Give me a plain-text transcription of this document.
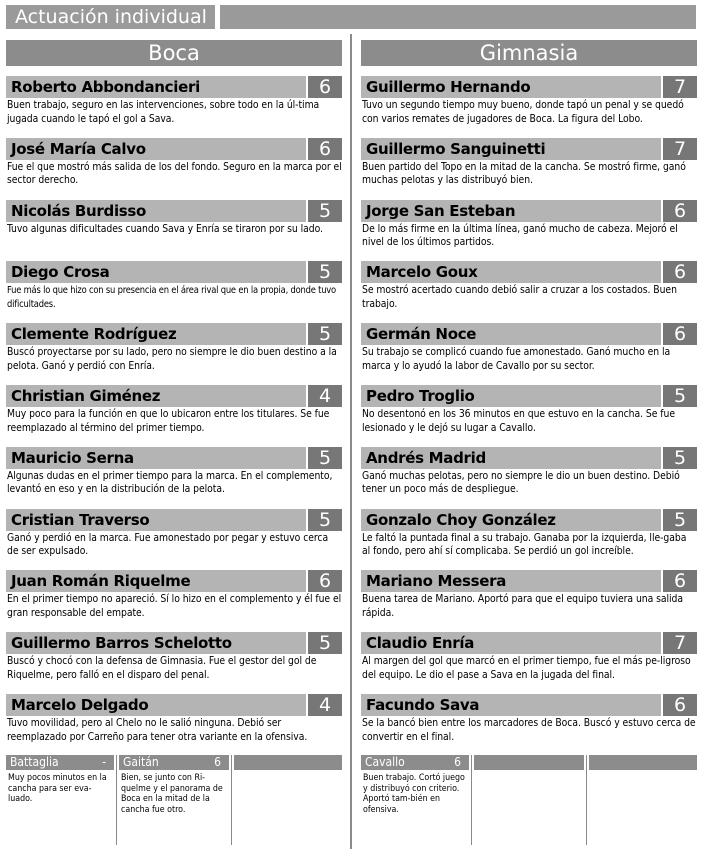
Actuación individual
Boca
Roberto Abbondancieri	6
Buen trabajo, seguro en las intervenciones, sobre todo en la úl-tima jugada cuando le tapó el gol a Sava.
José María Calvo	6
Fue el que mostró más salida de los del fondo. Seguro en la marca por el sector derecho.
Nicolás Burdisso	5
Tuvo algunas dificultades cuando Sava y Enría se tiraron por su lado.
Diego Crosa	5
Fue más lo que hizo con su presencia en el área rival que en la propia, donde tuvo dificultades.
Clemente Rodríguez	5
Buscó proyectarse por su lado, pero no siempre le dio buen destino a la pelota. Ganó y perdió con Enría.
Christian Giménez	4
Muy poco para la función en que lo ubicaron entre los titulares. Se fue reemplazado al término del primer tiempo.
Mauricio Serna	5
Algunas dudas en el primer tiempo para la marca. En el complemento, levantó en eso y en la distribución de la pelota.
Cristian Traverso	5
Ganó y perdió en la marca. Fue amonestado por pegar y estuvo cerca de ser expulsado.
Juan Román Riquelme	6
En el primer tiempo no apareció. Sí lo hizo en el complemento y él fue el gran responsable del empate.
Guillermo Barros Schelotto	5
Buscó y chocó con la defensa de Gimnasia. Fue el gestor del gol de Riquelme, pero falló en el disparo del penal.
Marcelo Delgado	4
Tuvo movilidad, pero al Chelo no le salió ninguna. Debió ser reemplazado por Carreño para tener otra variante en la ofensiva.
Gimnasia
Guillermo Hernando	7
Tuvo un segundo tiempo muy bueno, donde tapó un penal y se quedó con varios remates de jugadores de Boca. La figura del Lobo.
Guillermo Sanguinetti	7
Buen partido del Topo en la mitad de la cancha. Se mostró firme, ganó muchas pelotas y las distribuyó bien.
Jorge San Esteban	6
De lo más firme en la última línea, ganó mucho de cabeza. Mejoró el nivel de los últimos partidos.
Marcelo Goux	6
Se mostró acertado cuando debió salir a cruzar a los costados. Buen trabajo.
Germán Noce	6
Su trabajo se complicó cuando fue amonestado. Ganó mucho en la marca y lo ayudó la labor de Cavallo por su sector.
Pedro Troglio	5
No desentonó en los 36 minutos en que estuvo en la cancha. Se fue lesionado y le dejó su lugar a Cavallo.
Andrés Madrid	5
Ganó muchas pelotas, pero no siempre le dio un buen destino. Debió tener un poco más de despliegue.
Gonzalo Choy González	5
Le faltó la puntada final a su trabajo. Ganaba por la izquierda, lle-gaba al fondo, pero ahí sí complicaba. Se perdió un gol increíble.
Mariano Messera	6
Buena tarea de Mariano. Aportó para que el equipo tuviera una salida rápida.
Claudio Enría	7
Al margen del gol que marcó en el primer tiempo, fue el más pe-ligroso del equipo. Le dio el pase a Sava en la jugada del final.
Facundo Sava	6
Se la bancó bien entre los marcadores de Boca. Buscó y estuvo cerca de convertir en el final.
Battaglia	-
Muy pocos minutos en la cancha para ser eva-luado.
Gaitán	6
Bien, se junto con Ri-quelme y el panorama de Boca en la mitad de la cancha fue otro.
Cavallo	6
Buen trabajo. Cortó juego y distribuyó con criterio. Aportó tam-bién en ofensiva.
